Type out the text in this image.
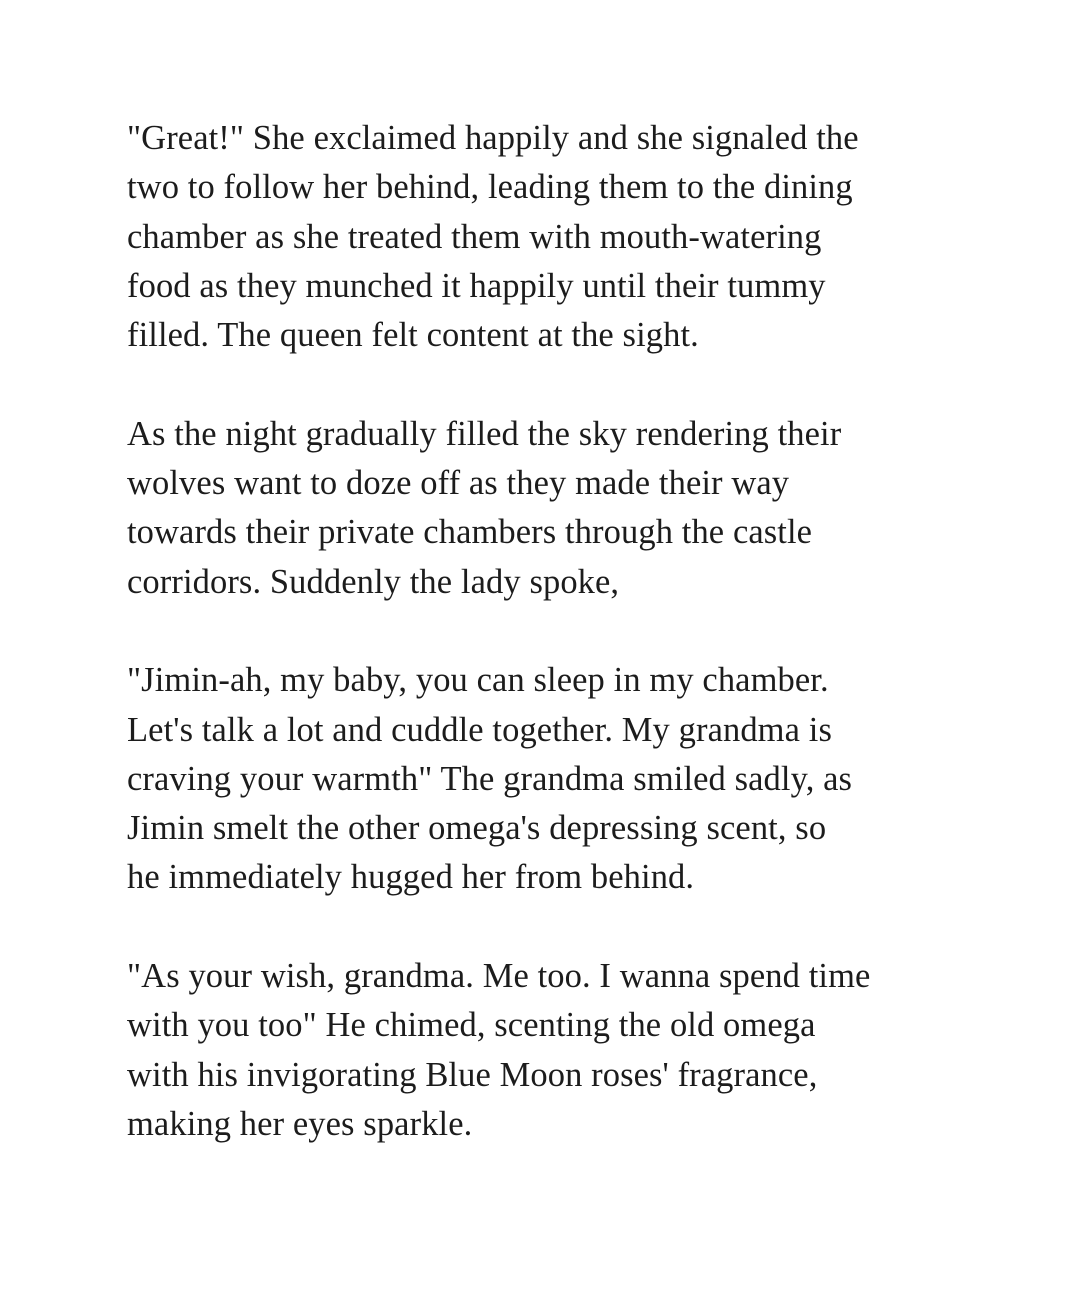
"Great!" She exclaimed happily and she signaled the
two to follow her behind, leading them to the dining
chamber as she treated them with mouth-watering
food as they munched it happily until their tummy
filled. The queen felt content at the sight.

As the night gradually filled the sky rendering their
wolves want to doze off as they made their way
towards their private chambers through the castle
corridors. Suddenly the lady spoke,

"Jimin-ah, my baby, you can sleep in my chamber.
Let's talk a lot and cuddle together. My grandma is
craving your warmth" The grandma smiled sadly, as
Jimin smelt the other omega's depressing scent, so
he immediately hugged her from behind.

"As your wish, grandma. Me too. I wanna spend time
with you too" He chimed, scenting the old omega
with his invigorating Blue Moon roses' fragrance,
making her eyes sparkle.
